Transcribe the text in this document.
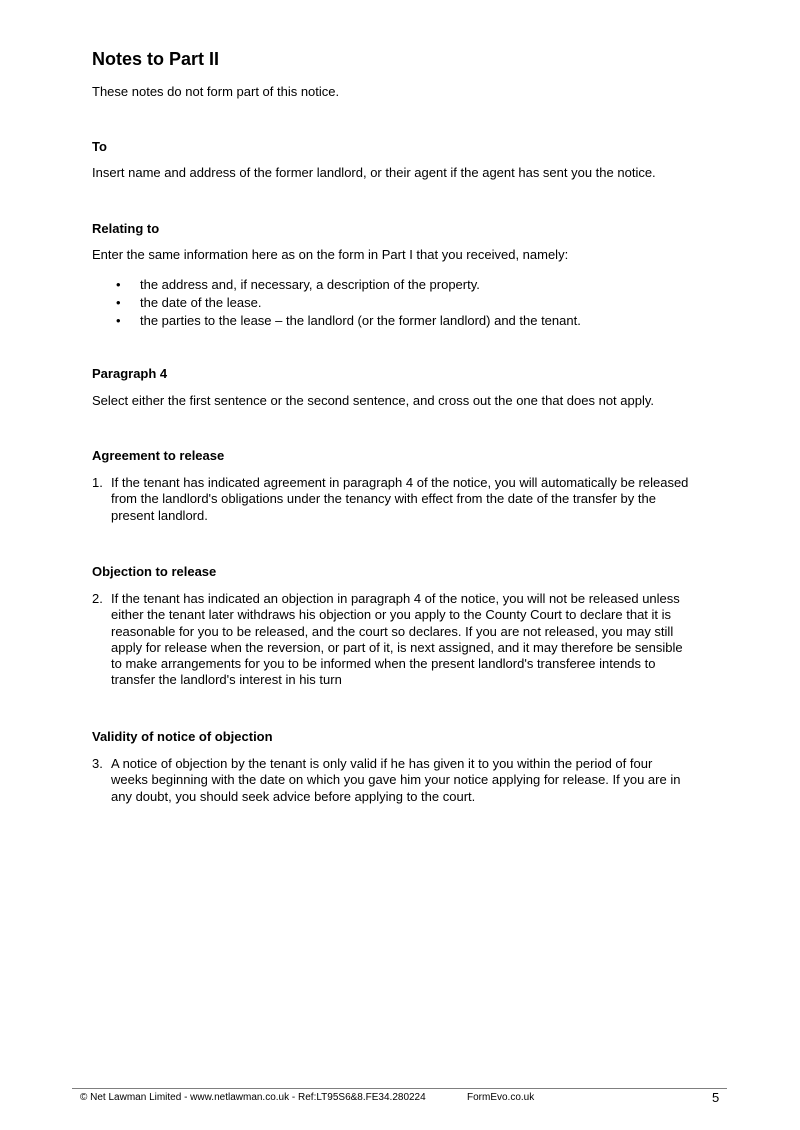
Notes to Part II

These notes do not form part of this notice.

To

Insert name and address of the former landlord, or their agent if the agent has sent you the notice.

Relating to

Enter the same information here as on the form in Part I that you received, namely:

• the address and, if necessary, a description of the property.
• the date of the lease.
• the parties to the lease – the landlord (or the former landlord) and the tenant.
Paragraph 4

Select either the first sentence or the second sentence, and cross out the one that does not apply.

Agreement to release
1. If the tenant has indicated agreement in paragraph 4 of the notice, you will automatically be released
from the landlord's obligations under the tenancy with effect from the date of the transfer by the
present landlord.
Objection to release
2. If the tenant has indicated an objection in paragraph 4 of the notice, you will not be released unless
either the tenant later withdraws his objection or you apply to the County Court to declare that it is
reasonable for you to be released, and the court so declares. If you are not released, you may still
apply for release when the reversion, or part of it, is next assigned, and it may therefore be sensible
to make arrangements for you to be informed when the present landlord's transferee intends to
transfer the landlord's interest in his turn
Validity of notice of objection
3. A notice of objection by the tenant is only valid if he has given it to you within the period of four
weeks beginning with the date on which you gave him your notice applying for release. If you are in
any doubt, you should seek advice before applying to the court.
© Net Lawman Limited - www.netlawman.co.uk - Ref:LT95S6&8.FE34.280224	FormEvo.co.uk	5
